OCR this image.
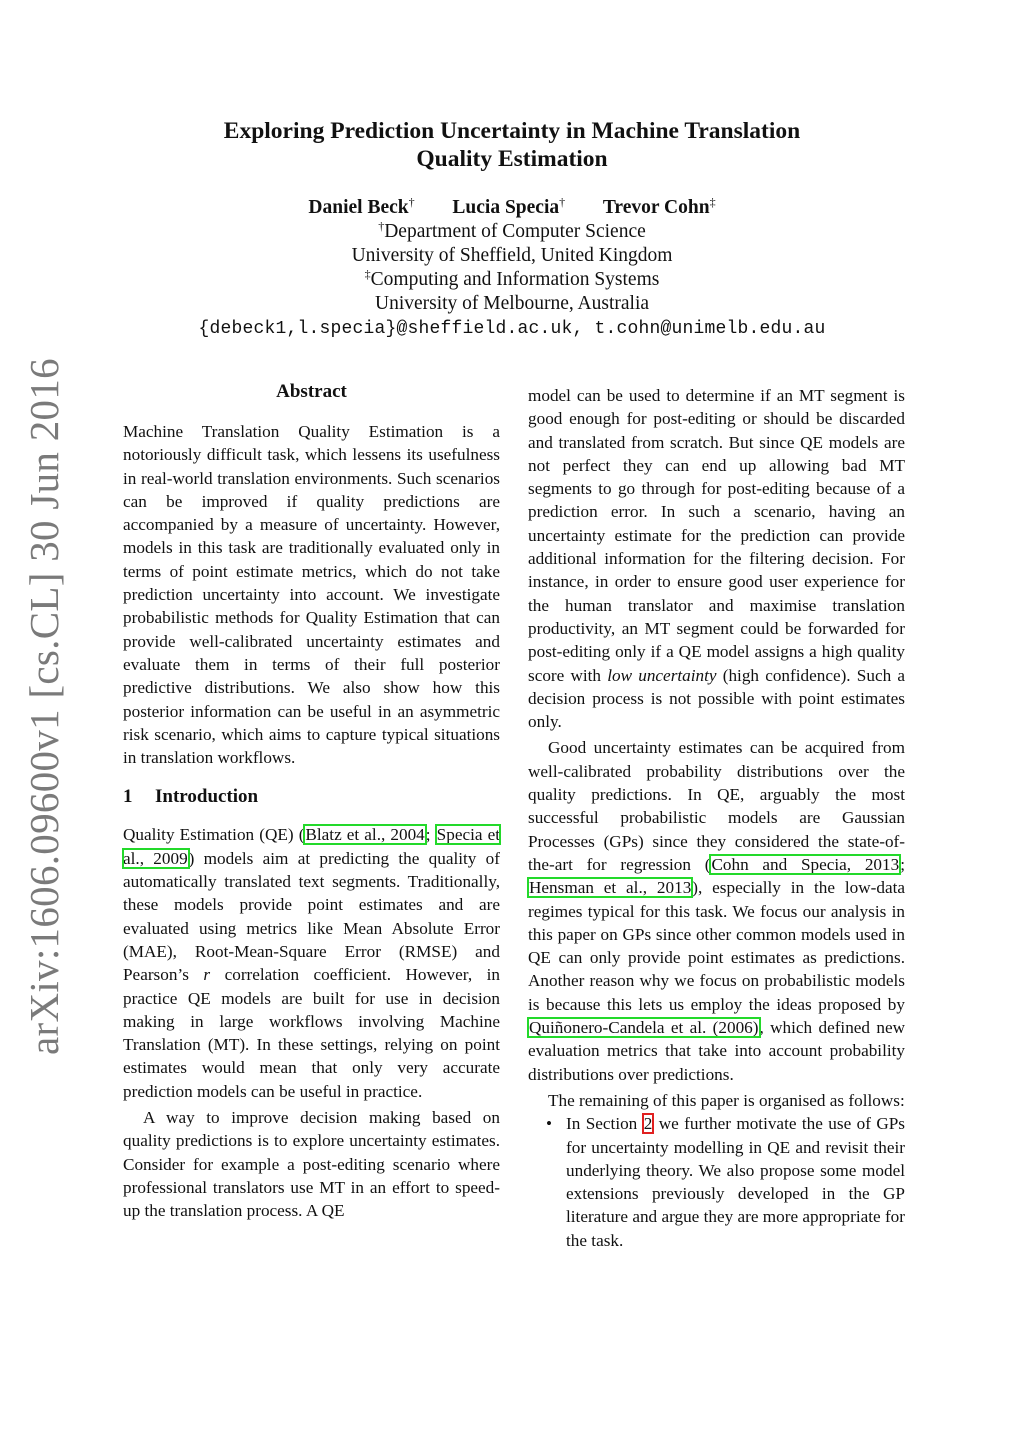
arXiv:1606.09600v1 [cs.CL] 30 Jun 2016
Exploring Prediction Uncertainty in Machine Translation
Quality Estimation
Daniel Beck† Lucia Specia† Trevor Cohn‡
†Department of Computer Science
University of Sheffield, United Kingdom
‡Computing and Information Systems
University of Melbourne, Australia
{debeck1,l.specia}@sheffield.ac.uk, t.cohn@unimelb.edu.au
Abstract

Machine Translation Quality Estimation is a notoriously difficult task, which lessens its usefulness in real-world translation environments. Such scenarios can be improved if quality predictions are accompanied by a measure of uncertainty. However, models in this task are traditionally evaluated only in terms of point estimate metrics, which do not take prediction uncertainty into account. We investigate probabilistic methods for Quality Estimation that can provide well-calibrated uncertainty estimates and evaluate them in terms of their full posterior predictive distributions. We also show how this posterior information can be useful in an asymmetric risk scenario, which aims to capture typical situations in translation workflows.

1 Introduction

Quality Estimation (QE) (Blatz et al., 2004; Specia et al., 2009) models aim at predicting the quality of automatically translated text segments. Traditionally, these models provide point estimates and are evaluated using metrics like Mean Absolute Error (MAE), Root-Mean-Square Error (RMSE) and Pearson’s r correlation coefficient. However, in practice QE models are built for use in decision making in large workflows involving Machine Translation (MT). In these settings, relying on point estimates would mean that only very accurate prediction models can be useful in practice.

A way to improve decision making based on quality predictions is to explore uncertainty estimates. Consider for example a post-editing scenario where professional translators use MT in an effort to speed-up the translation process. A QE

model can be used to determine if an MT segment is good enough for post-editing or should be discarded and translated from scratch. But since QE models are not perfect they can end up allowing bad MT segments to go through for post-editing because of a prediction error. In such a scenario, having an uncertainty estimate for the prediction can provide additional information for the filtering decision. For instance, in order to ensure good user experience for the human translator and maximise translation productivity, an MT segment could be forwarded for post-editing only if a QE model assigns a high quality score with low uncertainty (high confidence). Such a decision process is not possible with point estimates only.

Good uncertainty estimates can be acquired from well-calibrated probability distributions over the quality predictions. In QE, arguably the most successful probabilistic models are Gaussian Processes (GPs) since they considered the state-of-the-art for regression (Cohn and Specia, 2013; Hensman et al., 2013), especially in the low-data regimes typical for this task. We focus our analysis in this paper on GPs since other common models used in QE can only provide point estimates as predictions. Another reason why we focus on probabilistic models is because this lets us employ the ideas proposed by Quiñonero-Candela et al. (2006), which defined new evaluation metrics that take into account probability distributions over predictions.

The remaining of this paper is organised as follows:

• In Section 2 we further motivate the use of GPs for uncertainty modelling in QE and revisit their underlying theory. We also propose some model extensions previously developed in the GP literature and argue they are more appropriate for the task.
